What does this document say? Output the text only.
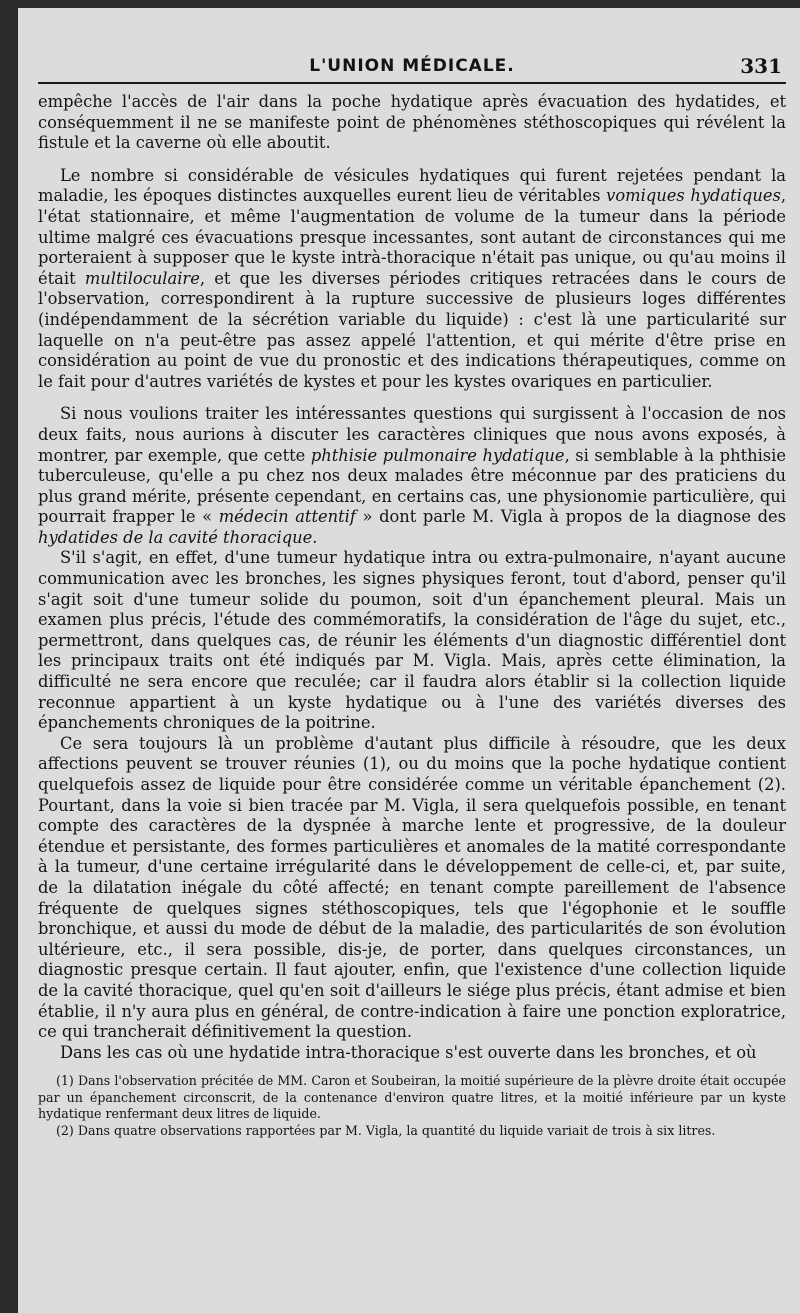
L'UNION MÉDICALE.	331

empêche l'accès de l'air dans la poche hydatique après évacuation des hydatides, et conséquemment il ne se manifeste point de phénomènes stéthoscopiques qui révélent la fistule et la caverne où elle aboutit.

Le nombre si considérable de vésicules hydatiques qui furent rejetées pendant la maladie, les époques distinctes auxquelles eurent lieu de véritables vomiques hydatiques, l'état stationnaire, et même l'augmentation de volume de la tumeur dans la période ultime malgré ces évacuations presque incessantes, sont autant de circonstances qui me porteraient à supposer que le kyste intrà-thoracique n'était pas unique, ou qu'au moins il était multiloculaire, et que les diverses périodes critiques retracées dans le cours de l'observation, correspondirent à la rupture successive de plusieurs loges différentes (indépendamment de la sécrétion variable du liquide) : c'est là une particularité sur laquelle on n'a peut-être pas assez appelé l'attention, et qui mérite d'être prise en considération au point de vue du pronostic et des indications thérapeutiques, comme on le fait pour d'autres variétés de kystes et pour les kystes ovariques en particulier.

Si nous voulions traiter les intéressantes questions qui surgissent à l'occasion de nos deux faits, nous aurions à discuter les caractères cliniques que nous avons exposés, à montrer, par exemple, que cette phthisie pulmonaire hydatique, si semblable à la phthisie tuberculeuse, qu'elle a pu chez nos deux malades être méconnue par des praticiens du plus grand mérite, présente cependant, en certains cas, une physionomie particulière, qui pourrait frapper le « médecin attentif » dont parle M. Vigla à propos de la diagnose des hydatides de la cavité thoracique.

S'il s'agit, en effet, d'une tumeur hydatique intra ou extra-pulmonaire, n'ayant aucune communication avec les bronches, les signes physiques feront, tout d'abord, penser qu'il s'agit soit d'une tumeur solide du poumon, soit d'un épanchement pleural. Mais un examen plus précis, l'étude des commémoratifs, la considération de l'âge du sujet, etc., permettront, dans quelques cas, de réunir les éléments d'un diagnostic différentiel dont les principaux traits ont été indiqués par M. Vigla. Mais, après cette élimination, la difficulté ne sera encore que reculée; car il faudra alors établir si la collection liquide reconnue appartient à un kyste hydatique ou à l'une des variétés diverses des épanchements chroniques de la poitrine.

Ce sera toujours là un problème d'autant plus difficile à résoudre, que les deux affections peuvent se trouver réunies (1), ou du moins que la poche hydatique contient quelquefois assez de liquide pour être considérée comme un véritable épanchement (2). Pourtant, dans la voie si bien tracée par M. Vigla, il sera quelquefois possible, en tenant compte des caractères de la dyspnée à marche lente et progressive, de la douleur étendue et persistante, des formes particulières et anomales de la matité correspondante à la tumeur, d'une certaine irrégularité dans le développement de celle-ci, et, par suite, de la dilatation inégale du côté affecté; en tenant compte pareillement de l'absence fréquente de quelques signes stéthoscopiques, tels que l'égophonie et le souffle bronchique, et aussi du mode de début de la maladie, des particularités de son évolution ultérieure, etc., il sera possible, dis-je, de porter, dans quelques circonstances, un diagnostic presque certain. Il faut ajouter, enfin, que l'existence d'une collection liquide de la cavité thoracique, quel qu'en soit d'ailleurs le siége plus précis, étant admise et bien établie, il n'y aura plus en général, de contre-indication à faire une ponction exploratrice, ce qui trancherait définitivement la question.

Dans les cas où une hydatide intra-thoracique s'est ouverte dans les bronches, et où

(1) Dans l'observation précitée de MM. Caron et Soubeiran, la moitié supérieure de la plèvre droite était occupée par un épanchement circonscrit, de la contenance d'environ quatre litres, et la moitié inférieure par un kyste hydatique renfermant deux litres de liquide.

(2) Dans quatre observations rapportées par M. Vigla, la quantité du liquide variait de trois à six litres.
